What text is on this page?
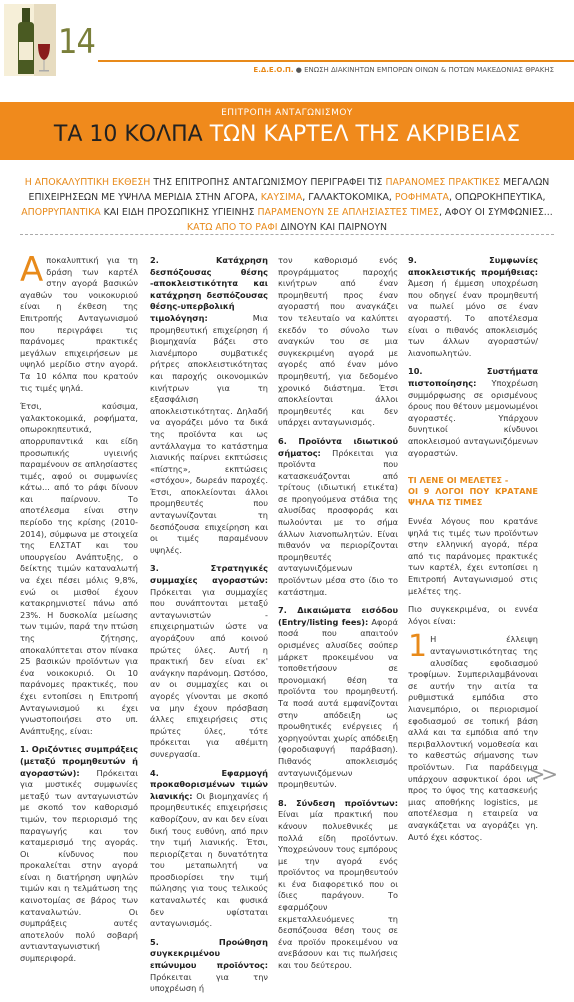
14
Ε.Δ.Ε.Ο.Π. ● ΕΝΩΣΗ ΔΙΑΚΙΝΗΤΩΝ ΕΜΠΟΡΩΝ ΟΙΝΩΝ & ΠΟΤΩΝ ΜΑΚΕΔΟΝΙΑΣ ΘΡΑΚΗΣ
ΕΠΙΤΡΟΠΗ ΑΝΤΑΓΩΝΙΣΜΟΥ
ΤΑ 10 ΚΟΛΠΑ ΤΩΝ ΚΑΡΤΕΛ ΤΗΣ ΑΚΡΙΒΕΙΑΣ
Η ΑΠΟΚΑΛΥΠΤΙΚΗ ΕΚΘΕΣΗ ΤΗΣ ΕΠΙΤΡΟΠΗΣ ΑΝΤΑΓΩΝΙΣΜΟΥ ΠΕΡΙΓΡΑΦΕΙ ΤΙΣ ΠΑΡΑΝΟΜΕΣ ΠΡΑΚΤΙΚΕΣ ΜΕΓΑΛΩΝ ΕΠΙΧΕΙΡΗΣΕΩΝ ΜΕ ΥΨΗΛΑ ΜΕΡΙΔΙΑ ΣΤΗΝ ΑΓΟΡΑ, ΚΑΥΣΙΜΑ, ΓΑΛΑΚΤΟΚΟΜΙΚΑ, ΡΟΦΗΜΑΤΑ, ΟΠΩΡΟΚΗΠΕΥΤΙΚΑ, ΑΠΟΡΡΥΠΑΝΤΙΚΑ ΚΑΙ ΕΙΔΗ ΠΡΟΣΩΠΙΚΗΣ ΥΓΙΕΙΝΗΣ ΠΑΡΑΜΕΝΟΥΝ ΣΕ ΑΠΛΗΣΙΑΣΤΕΣ ΤΙΜΕΣ, ΑΦΟΥ ΟΙ ΣΥΜΦΩΝΙΕΣ...
ΚΑΤΩ ΑΠΟ ΤΟ ΡΑΦΙ ΔΙΝΟΥΝ ΚΑΙ ΠΑΙΡΝΟΥΝ

Αποκαλυπτική για τη δράση των καρτέλ στην αγορά βασικών αγαθών του νοικοκυριού είναι η έκθεση της Επιτροπής Ανταγωνισμού που περιγράφει τις παράνομες πρακτικές μεγάλων επιχειρήσεων με υψηλό μερίδιο στην αγορά. Τα 10 κόλπα που κρατούν τις τιμές ψηλά.

Έτσι, καύσιμα, γαλακτοκομικά, ροφήματα, οπωροκηπευτικά, απορρυπαντικά και είδη προσωπικής υγιεινής παραμένουν σε απλησίαστες τιμές, αφού οι συμφωνίες κάτω... από το ράφι δίνουν και παίρνουν. Το αποτέλεσμα είναι στην περίοδο της κρίσης (2010-2014), σύμφωνα με στοιχεία της ΕΛΣΤΑΤ και του υπουργείου Ανάπτυξης, ο δείκτης τιμών καταναλωτή να έχει πέσει μόλις 9,8%, ενώ οι μισθοί έχουν κατακρημνιστεί πάνω από 23%. Η δυσκολία μείωσης των τιμών, παρά την πτώση της ζήτησης, αποκαλύπτεται στον πίνακα 25 βασικών προϊόντων για ένα νοικοκυριό. Οι 10 παράνομες πρακτικές, που έχει εντοπίσει η Επιτροπή Ανταγωνισμού κι έχει γνωστοποιήσει στο υπ. Ανάπτυξης, είναι:

1. Οριζόντιες συμπράξεις (μεταξύ προμηθευτών ή αγοραστών): Πρόκειται για μυστικές συμφωνίες μεταξύ των ανταγωνιστών με σκοπό τον καθορισμό τιμών, τον περιορισμό της παραγωγής και τον καταμερισμό της αγοράς. Οι κίνδυνος που προκαλείται στην αγορά είναι η διατήρηση υψηλών τιμών και η τελμάτωση της καινοτομίας σε βάρος των καταναλωτών. Οι συμπράξεις αυτές αποτελούν πολύ σοβαρή αντιανταγωνιστική συμπεριφορά.

2. Κατάχρηση δεσπόζουσας θέσης -αποκλειστικότητα και κατάχρηση δεσπόζουσας θέσης-υπερβολική τιμολόγηση:	Μια προμηθευτική επιχείρηση ή βιομηχανία βάζει στο λιανέμπορο συμβατικές ρήτρες αποκλειστικότητας και παροχής οικονομικών κινήτρων για τη εξασφάλιση αποκλειστικότητας. Δηλαδή να αγοράζει μόνο τα δικά της προϊόντα και ως αντάλλαγμα το κατάστημα λιανικής παίρνει εκπτώσεις «πίστης», εκπτώσεις «στόχου», δωρεάν παροχές. Έτσι, αποκλείονται άλλοι προμηθευτές που ανταγωνίζονται τη δεσπόζουσα επιχείρηση και οι τιμές παραμένουν υψηλές.

3. Στρατηγικές συμμαχίες αγοραστών: Πρόκειται για συμμαχίες που συνάπτονται μεταξύ ανταγωνιστών - επιχειρηματιών ώστε να αγοράζουν από κοινού πρώτες ύλες. Αυτή η πρακτική δεν είναι εκ' ανάγκην παράνομη. Ωστόσο, αν οι συμμαχίες και οι αγορές γίνονται με σκοπό να μην έχουν πρόσβαση άλλες επιχειρήσεις στις πρώτες ύλες, τότε πρόκειται για αθέμιτη συνεργασία.

4. Εφαρμογή προκαθορισμένων τιμών λιανικής: Οι βιομηχανίες ή προμηθευτικές επιχειρήσεις καθορίζουν, αν και δεν είναι δική τους ευθύνη, από πριν την τιμή λιανικής. Έτσι, περιορίζεται η δυνατότητα του μεταπωλητή να προσδιορίσει την τιμή πώλησης για τους τελικούς καταναλωτές και φυσικά δεν υφίσταται ανταγωνισμός.

5. Προώθηση συγκεκριμένου επώνυμου προϊόντος: Πρόκειται για την υποχρέωση ή

τον καθορισμό ενός προγράμματος παροχής κινήτρων από έναν προμηθευτή προς έναν αγοραστή που αναγκάζει τον τελευταίο να καλύπτει εκεδόν το σύνολο των αναγκών του σε μια συγκεκριμένη αγορά με αγορές από έναν μόνο προμηθευτή, για δεδομένο χρονικό διάστημα. Έτσι αποκλείονται άλλοι προμηθευτές και δεν υπάρχει ανταγωνισμός.

6. Προϊόντα ιδιωτικού σήματος: Πρόκειται για προϊόντα που κατασκευάζονται από τρίτους (ιδιωτική ετικέτα) σε προηγούμενα στάδια της αλυσίδας προσφοράς και πωλούνται με το σήμα άλλων λιανοπωλητών. Είναι πιθανόν να περιορίζονται προμηθευτές ανταγωνιζόμενων προϊόντων μέσα στο ίδιο το κατάστημα.

7. Δικαιώματα εισόδου (Entry/listing fees): Αφορά ποσά που απαιτούν ορισμένες αλυσίδες σούπερ μάρκετ προκειμένου να τοποθετήσουν σε προνομιακή θέση τα προϊόντα του προμηθευτή. Τα ποσά αυτά εμφανίζονται στην απόδειξη ως προωθητικές ενέργειες ή χορηγούνται χωρίς απόδειξη (φοροδιαφυγή παράβαση). Πιθανός αποκλεισμός ανταγωνιζόμενων προμηθευτών.

8. Σύνδεση προϊόντων: Είναι μία πρακτική που κάνουν πολυεθνικές με πολλά είδη προϊόντων. Υποχρεώνουν τους εμπόρους με την αγορά ενός προϊόντος να προμηθευτούν κι ένα διαφορετικό που οι ίδιες παράγουν. Το εφαρμόζουν εκμεταλλευόμενες τη δεσπόζουσα θέση τους σε ένα προϊόν προκειμένου να ανεβάσουν και τις πωλήσεις και του δεύτερου.

9. Συμφωνίες αποκλειστικής προμήθειας: Άμεση ή έμμεση υποχρέωση που οδηγεί έναν προμηθευτή να πωλεί μόνο σε έναν αγοραστή. Το αποτέλεσμα είναι ο πιθανός αποκλεισμός των άλλων αγοραστών/λιανοπωλητών.

10. Συστήματα πιστοποίησης: Υποχρέωση συμμόρφωσης σε ορισμένους όρους που θέτουν μεμονωμένοι αγοραστές. Υπάρχουν δυνητικοί κίνδυνοι αποκλεισμού ανταγωνιζόμενων αγοραστών.

ΤΙ ΛΕΝΕ ΟΙ ΜΕΛΕΤΕΣ -
ΟΙ 9 ΛΟΓΟΙ ΠΟΥ ΚΡΑΤΑΝΕ ΨΗΛΑ ΤΙΣ ΤΙΜΕΣ

Εννέα λόγους που κρατάνε ψηλά τις τιμές των προϊόντων στην ελληνική αγορά, πέρα από τις παράνομες πρακτικές των καρτέλ, έχει εντοπίσει η Επιτροπή Ανταγωνισμού στις μελέτες της.

Πιο συγκεκριμένα, οι εννέα λόγοι είναι:

1 Η έλλειψη ανταγωνιστικότητας της αλυσίδας εφοδιασμού τροφίμων. Συμπεριλαμβάνοναι σε αυτήν την αιτία τα ρυθμιστικά εμπόδια στο λιανεμπόριο, οι περιορισμοί εφοδιασμού σε τοπική βάση αλλά και τα εμπόδια από την περιβαλλοντική νομοθεσία και το καθεστώς σήμανσης των προϊόντων. Για παράδειγμα υπάρχουν ασφυκτικοί όροι ως προς το ύψος της κατασκευής μιας αποθήκης logistics, με αποτέλεσμα η εταιρεία να αναγκάζεται να αγοράζει γη. Αυτό έχει κόστος.

>>
